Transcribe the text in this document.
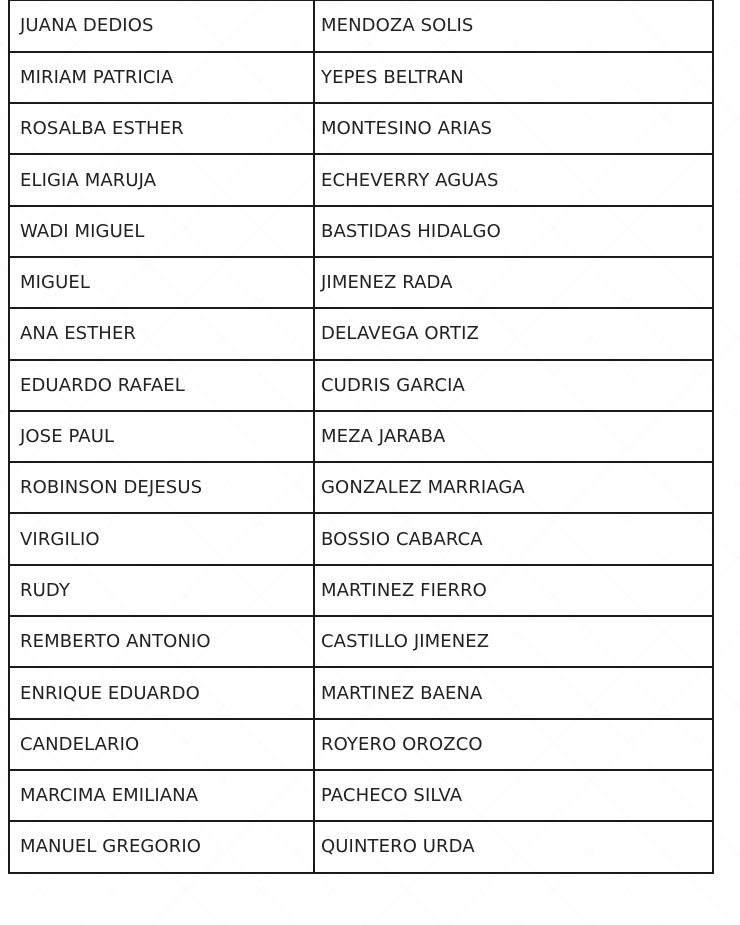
JUANA DEDIOS	MENDOZA SOLIS
MIRIAM PATRICIA	YEPES BELTRAN
ROSALBA ESTHER	MONTESINO ARIAS
ELIGIA MARUJA	ECHEVERRY AGUAS
WADI MIGUEL	BASTIDAS HIDALGO
MIGUEL	JIMENEZ RADA
ANA ESTHER	DELAVEGA ORTIZ
EDUARDO RAFAEL	CUDRIS GARCIA
JOSE PAUL	MEZA JARABA
ROBINSON DEJESUS	GONZALEZ MARRIAGA
VIRGILIO	BOSSIO CABARCA
RUDY	MARTINEZ FIERRO
REMBERTO ANTONIO	CASTILLO JIMENEZ
ENRIQUE EDUARDO	MARTINEZ BAENA
CANDELARIO	ROYERO OROZCO
MARCIMA EMILIANA	PACHECO SILVA
MANUEL GREGORIO	QUINTERO URDA
